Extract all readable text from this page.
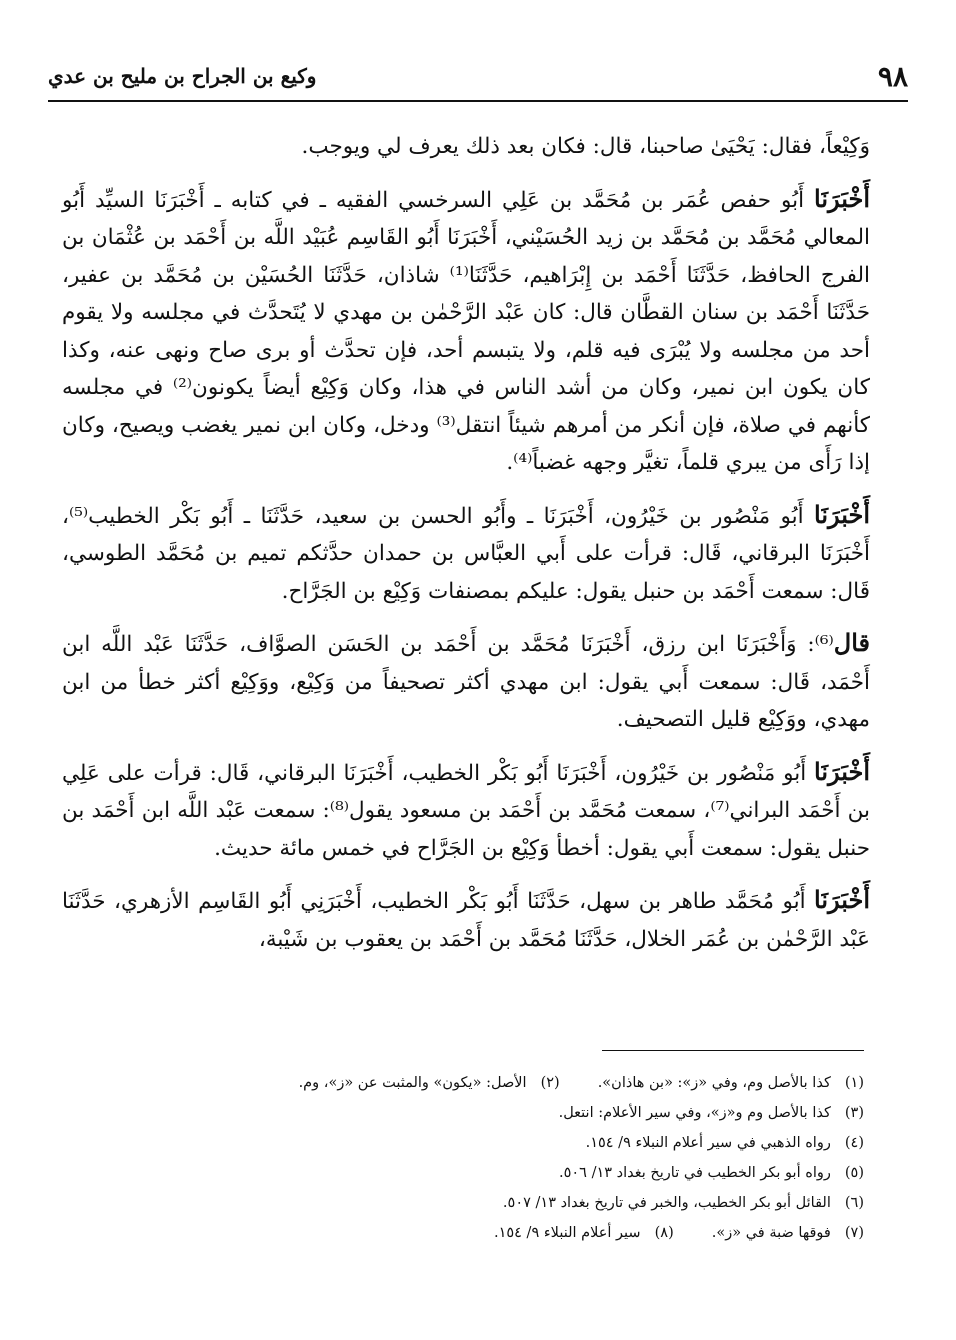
٩٨
وكيع بن الجراح بن مليح بن عدي

وَكِيْعاً، فقال: يَحْيَىٰ صاحبنا، قال: فكان بعد ذلك يعرف لي ويوجب.

أَخْبَرَنَا أَبُو حفص عُمَر بن مُحَمَّد بن عَلِي السرخسي الفقيه ـ في كتابه ـ أَخْبَرَنَا السيِّد أَبُو المعالي مُحَمَّد بن مُحَمَّد بن زيد الحُسَيْني، أَخْبَرَنَا أَبُو القَاسِم عُبَيْد اللَّه بن أَحْمَد بن عُثْمَان بن الفرج الحافظ، حَدَّثَنَا أَحْمَد بن إِبْرَاهيم، حَدَّثَنَا⁽¹⁾ شاذان، حَدَّثَنَا الحُسَيْن بن مُحَمَّد بن عفير، حَدَّثَنَا أَحْمَد بن سنان القطَّان قال: كان عَبْد الرَّحْمٰن بن مهدي لا يُتَحدَّث في مجلسه ولا يقوم أحد من مجلسه ولا يُبْرَى فيه قلم، ولا يتبسم أحد، فإن تحدَّث أو برى صاح ونهى عنه، وكذا كان يكون ابن نمير، وكان من أشد الناس في هذا، وكان وَكِيْع أيضاً يكونون⁽²⁾ في مجلسه كأنهم في صلاة، فإن أنكر من أمرهم شيئاً انتقل⁽³⁾ ودخل، وكان ابن نمير يغضب ويصيح، وكان إذا رَأَى من يبري قلماً، تغيَّر وجهه غضباً⁽⁴⁾.

أَخْبَرَنَا أَبُو مَنْصُور بن خَيْرُون، أَخْبَرَنَا ـ وأَبُو الحسن بن سعيد، حَدَّثَنَا ـ أَبُو بَكْر الخطيب⁽⁵⁾، أَخْبَرَنَا البرقاني، قَال: قرأت على أَبي العبَّاس بن حمدان حدَّثكم تميم بن مُحَمَّد الطوسي، قَال: سمعت أَحْمَد بن حنبل يقول: عليكم بمصنفات وَكِيْع بن الجَرَّاح.

قال⁽⁶⁾: وَأَخْبَرَنَا ابن رزق، أَخْبَرَنَا مُحَمَّد بن أَحْمَد بن الحَسَن الصوَّاف، حَدَّثَنَا عَبْد اللَّه ابن أَحْمَد، قَال: سمعت أَبي يقول: ابن مهدي أكثر تصحيفاً من وَكِيْع، ووَكِيْع أكثر خطأ من ابن مهدي، ووَكِيْع قليل التصحيف.

أَخْبَرَنَا أَبُو مَنْصُور بن خَيْرُون، أَخْبَرَنَا أَبُو بَكْر الخطيب، أَخْبَرَنَا البرقاني، قَال: قرأت على عَلِي بن أَحْمَد البراني⁽⁷⁾، سمعت مُحَمَّد بن أَحْمَد بن مسعود يقول⁽⁸⁾: سمعت عَبْد اللَّه ابن أَحْمَد بن حنبل يقول: سمعت أَبي يقول: أخطأ وَكِيْع بن الجَرَّاح في خمس مائة حديث.

أَخْبَرَنَا أَبُو مُحَمَّد طاهر بن سهل، حَدَّثَنَا أَبُو بَكْر الخطيب، أَخْبَرَنِي أَبُو القَاسِم الأزهري، حَدَّثَنَا عَبْد الرَّحْمٰن بن عُمَر الخلال، حَدَّثَنَا مُحَمَّد بن أَحْمَد بن يعقوب بن شَيْبة،

(١)كذا بالأصل وم، وفي «ز»: «بن هاذان».
(٢)الأصل: «يكون» والمثبت عن «ز»، وم.
(٣)كذا بالأصل وم و«ز»، وفي سير الأعلام: انتعل.
(٤)رواه الذهبي في سير أعلام النبلاء ٩/ ١٥٤.
(٥)رواه أبو بكر الخطيب في تاريخ بغداد ١٣/ ٥٠٦.
(٦)القائل أبو بكر الخطيب، والخبر في تاريخ بغداد ١٣/ ٥٠٧.
(٧)فوقها ضبة في «ز».
(٨)سير أعلام النبلاء ٩/ ١٥٤.
